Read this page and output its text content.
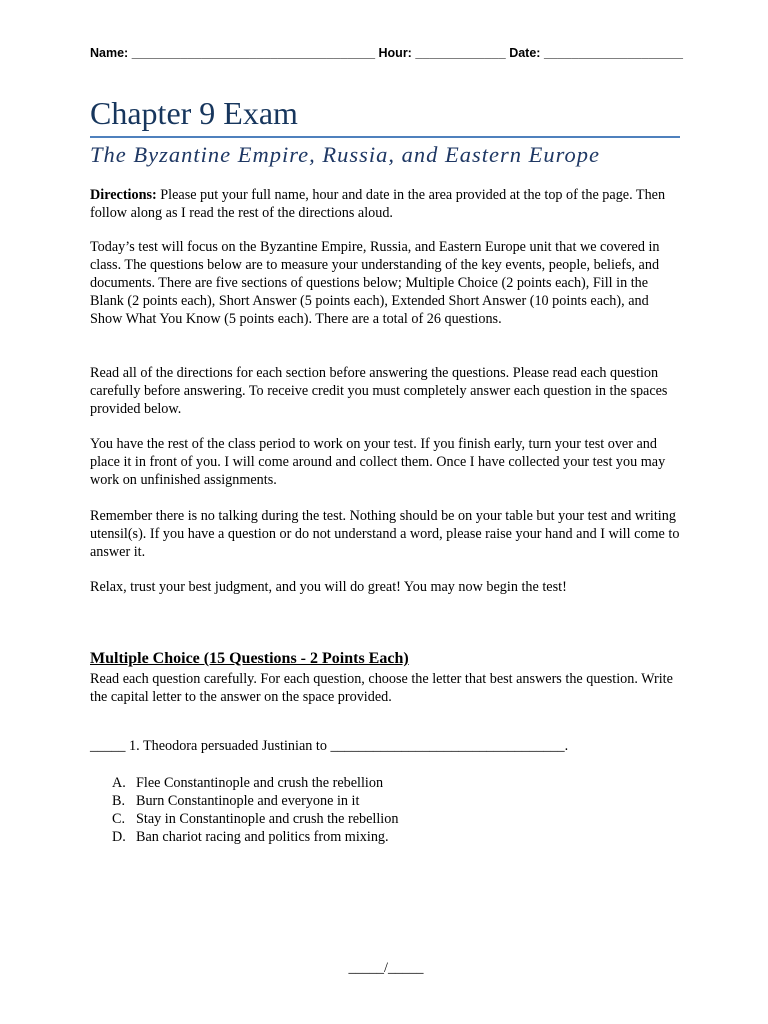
Name: ___________________________________ Hour: _____________ Date: ____________________
Chapter 9 Exam
The Byzantine Empire, Russia, and Eastern Europe
Directions: Please put your full name, hour and date in the area provided at the top of the page. Then follow along as I read the rest of the directions aloud.
Today’s test will focus on the Byzantine Empire, Russia, and Eastern Europe unit that we covered in class. The questions below are to measure your understanding of the key events, people, beliefs, and documents. There are five sections of questions below; Multiple Choice (2 points each), Fill in the Blank (2 points each), Short Answer (5 points each), Extended Short Answer (10 points each), and Show What You Know (5 points each). There are a total of 26 questions.
Read all of the directions for each section before answering the questions. Please read each question carefully before answering. To receive credit you must completely answer each question in the spaces provided below.
You have the rest of the class period to work on your test. If you finish early, turn your test over and place it in front of you. I will come around and collect them. Once I have collected your test you may work on unfinished assignments.
Remember there is no talking during the test. Nothing should be on your table but your test and writing utensil(s). If you have a question or do not understand a word, please raise your hand and I will come to answer it.
Relax, trust your best judgment, and you will do great! You may now begin the test!
Multiple Choice (15 Questions - 2 Points Each)
Read each question carefully. For each question, choose the letter that best answers the question. Write the capital letter to the answer on the space provided.
_____ 1. Theodora persuaded Justinian to _________________________________.
A. Flee Constantinople and crush the rebellion
B. Burn Constantinople and everyone in it
C. Stay in Constantinople and crush the rebellion
D. Ban chariot racing and politics from mixing.
_____/_____
